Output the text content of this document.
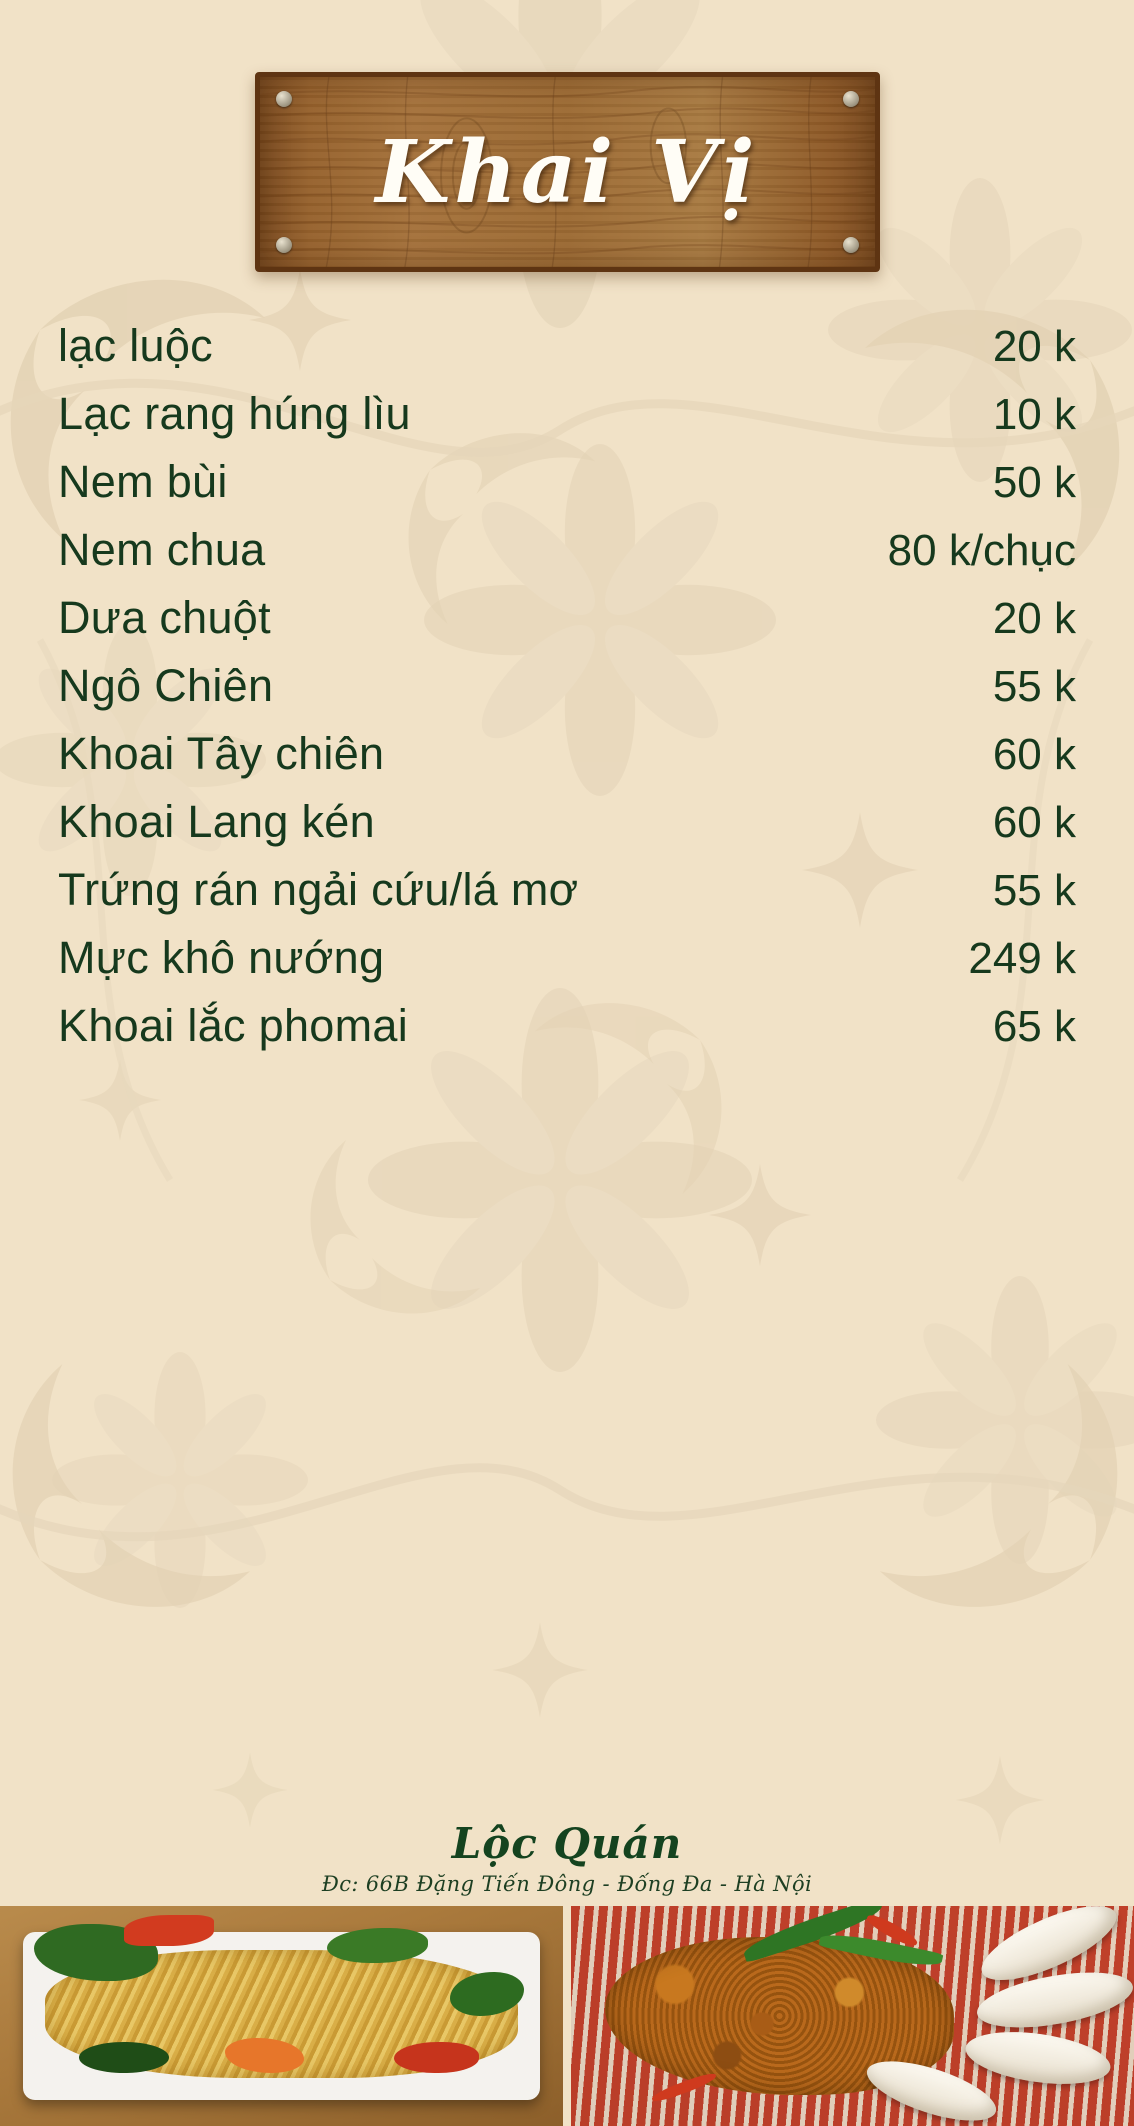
Khai Vị
lạc luộc	20 k
Lạc rang húng lìu	10 k
Nem bùi	50 k
Nem chua	80 k/chục
Dưa chuột	20 k
Ngô Chiên	55 k
Khoai Tây chiên	60 k
Khoai Lang kén	60 k
Trứng rán ngải cứu/lá mơ	55 k
Mực khô nướng	249 k
Khoai lắc phomai	65 k
Lộc Quán
Đc: 66B Đặng Tiến Đông - Đống Đa - Hà Nội
